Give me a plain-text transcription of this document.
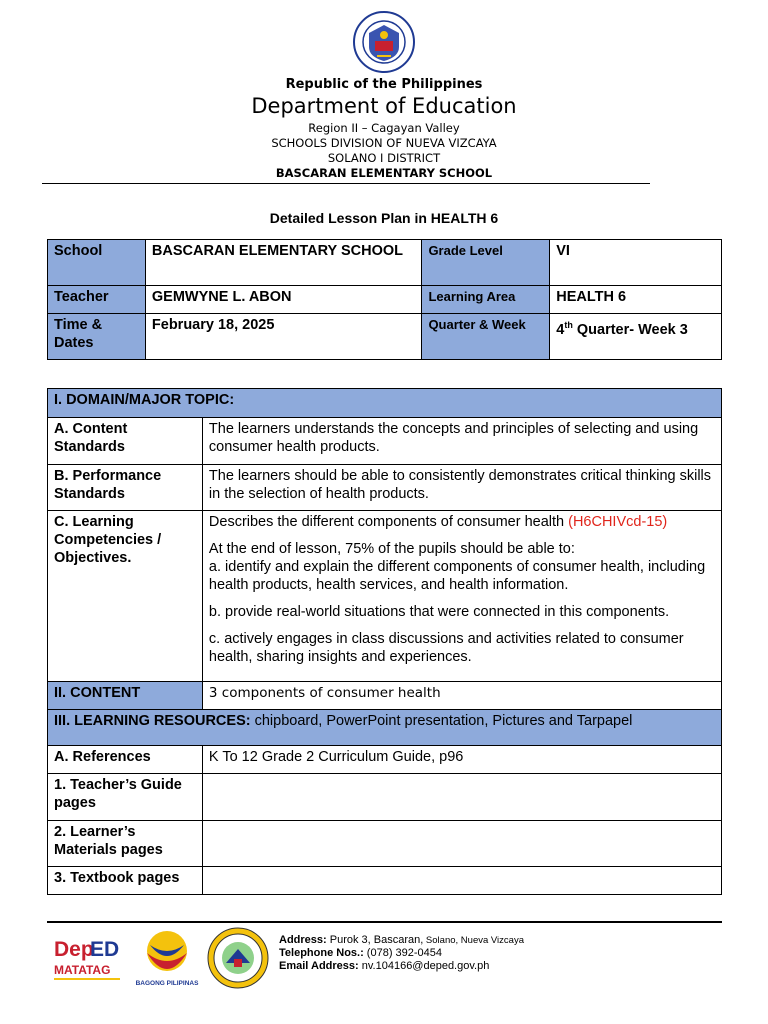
Republic of the Philippines
Department of Education
Region II – Cagayan Valley
SCHOOLS DIVISION OF NUEVA VIZCAYA
SOLANO I DISTRICT
BASCARAN ELEMENTARY SCHOOL
Detailed Lesson Plan in HEALTH 6
School	BASCARAN ELEMENTARY SCHOOL	Grade Level	VI
Teacher	GEMWYNE L. ABON	Learning Area	HEALTH 6
Time & Dates	February 18, 2025	Quarter & Week	4th Quarter- Week 3
I. DOMAIN/MAJOR TOPIC:	
A. Content Standards	The learners understands the concepts and principles of selecting and using consumer health products.
B. Performance Standards	The learners should be able to consistently demonstrates critical thinking skills in the selection of health products.
C. Learning Competencies / Objectives.	Describes the different components of consumer health (H6CHIVcd-15)
At the end of lesson, 75% of the pupils should be able to:
a. identify and explain the different components of consumer health, including health products, health services, and health information.
b. provide real-world situations that were connected in this components.
c. actively engages in class discussions and activities related to consumer health, sharing insights and experiences.

II. CONTENT	3 components of consumer health
III. LEARNING RESOURCES: chipboard, PowerPoint presentation, Pictures and Tarpapel	
A. References	K To 12 Grade 2 Curriculum Guide, p96
1. Teacher’s Guide pages	
2. Learner’s Materials pages	
3. Textbook pages	
Dep
ED
MATATAG
BAGONG PILIPINAS
Address: Purok 3, Bascaran, Solano, Nueva Vizcaya
Telephone Nos.: (078) 392-0454
Email Address: nv.104166@deped.gov.ph
